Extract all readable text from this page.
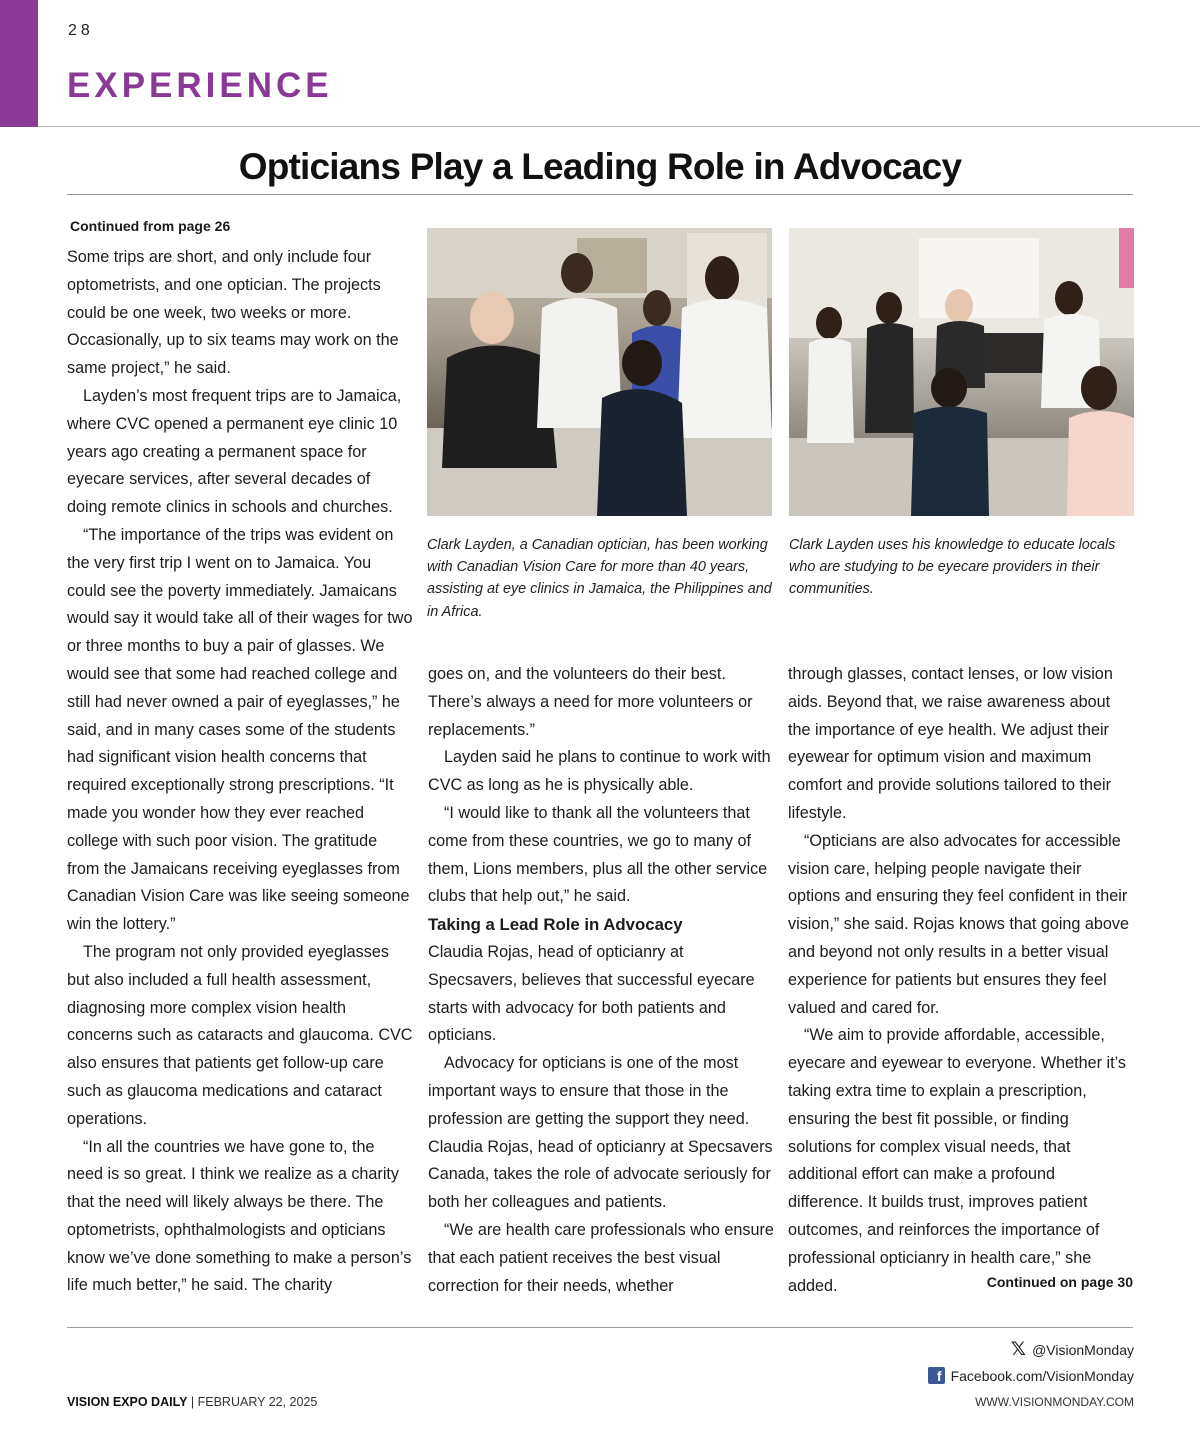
28
EXPERIENCE
Opticians Play a Leading Role in Advocacy
Continued from page 26

Some trips are short, and only include four optometrists, and one optician. The projects could be one week, two weeks or more. Occasionally, up to six teams may work on the same project,” he said.

Layden’s most frequent trips are to Jamaica, where CVC opened a permanent eye clinic 10 years ago creating a permanent space for eyecare services, after several decades of doing remote clinics in schools and churches.

“The importance of the trips was evident on the very first trip I went on to Jamaica. You could see the poverty immediately. Jamaicans would say it would take all of their wages for two or three months to buy a pair of glasses. We would see that some had reached college and still had never owned a pair of eyeglasses,” he said, and in many cases some of the students had significant vision health concerns that required exceptionally strong prescriptions. “It made you wonder how they ever reached college with such poor vision. The gratitude from the Jamaicans receiving eyeglasses from Canadian Vision Care was like seeing someone win the lottery.”

The program not only provided eyeglasses but also included a full health assessment, diagnosing more complex vision health concerns such as cataracts and glaucoma. CVC also ensures that patients get follow-up care such as glaucoma medications and cataract operations.

“In all the countries we have gone to, the need is so great. I think we realize as a charity that the need will likely always be there. The optometrists, ophthalmologists and opticians know we’ve done something to make a person’s life much better,” he said. The charity

Clark Layden, a Canadian optician, has been working with Canadian Vision Care for more than 40 years, assisting at eye clinics in Jamaica, the Philippines and in Africa.
Clark Layden uses his knowledge to educate locals who are studying to be eyecare providers in their communities.

goes on, and the volunteers do their best. There’s always a need for more volunteers or replacements.”

Layden said he plans to continue to work with CVC as long as he is physically able.

“I would like to thank all the volunteers that come from these countries, we go to many of them, Lions members, plus all the other service clubs that help out,” he said.

Taking a Lead Role in Advocacy

Claudia Rojas, head of opticianry at Specsavers, believes that successful eyecare starts with advocacy for both patients and opticians.

Advocacy for opticians is one of the most important ways to ensure that those in the profession are getting the support they need. Claudia Rojas, head of opticianry at Specsavers Canada, takes the role of advocate seriously for both her colleagues and patients.

“We are health care professionals who ensure that each patient receives the best visual correction for their needs, whether

through glasses, contact lenses, or low vision aids. Beyond that, we raise awareness about the importance of eye health. We adjust their eyewear for optimum vision and maximum comfort and provide solutions tailored to their lifestyle.

“Opticians are also advocates for accessible vision care, helping people navigate their options and ensuring they feel confident in their vision,” she said. Rojas knows that going above and beyond not only results in a better visual experience for patients but ensures they feel valued and cared for.

“We aim to provide affordable, accessible, eyecare and eyewear to everyone. Whether it’s taking extra time to explain a prescription, ensuring the best fit possible, or finding solutions for complex visual needs, that additional effort can make a profound difference. It builds trust, improves patient outcomes, and reinforces the importance of professional opticianry in health care,” she added.	Continued on page 30
𝕏 @VisionMonday
f Facebook.com/VisionMonday
VISION EXPO DAILY | FEBRUARY 22, 2025	WWW.VISIONMONDAY.COM
